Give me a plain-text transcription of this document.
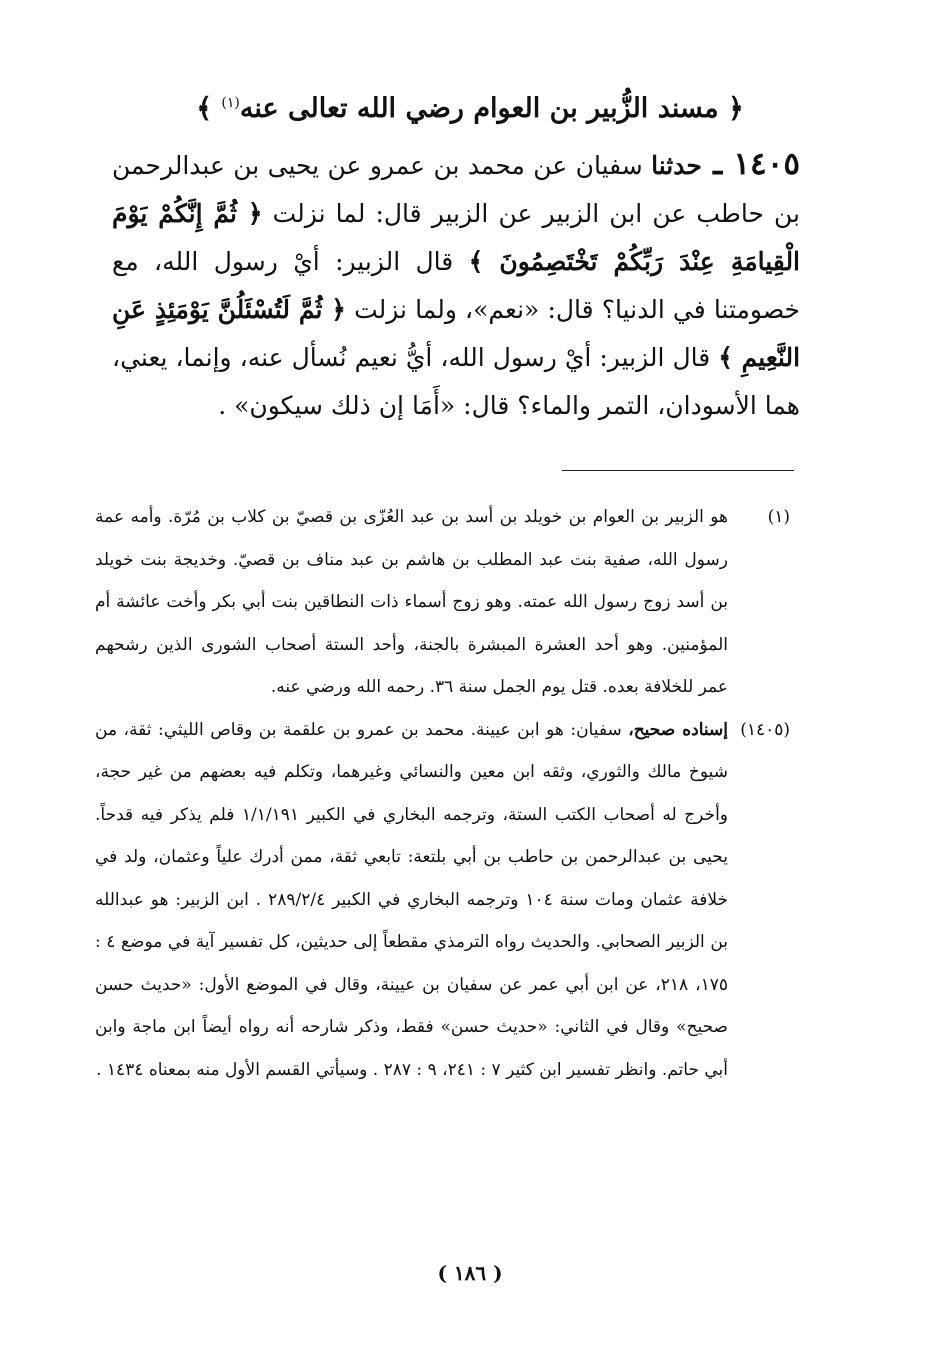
﴿ مسند الزُّبير بن العوام رضي الله تعالى عنه$^{(١)}$ ﴾
١٤٠٥ ـ حدثنا سفيان عن محمد بن عمرو عن يحيى بن عبدالرحمن بن حاطب عن ابن الزبير عن الزبير قال: لما نزلت ﴿ ثُمَّ إِنَّكُمْ يَوْمَ الْقِيامَةِ عِنْدَ رَبِّكُمْ تَخْتَصِمُونَ ﴾ قال الزبير: أيْ رسول الله، مع خصومتنا في الدنيا؟ قال: «نعم»، ولما نزلت ﴿ ثُمَّ لَتُسْئَلُنَّ يَوْمَئِذٍ عَنِ النَّعِيمِ ﴾ قال الزبير: أيْ رسول الله، أيُّ نعيم نُسأل عنه، وإنما، يعني، هما الأسودان، التمر والماء؟ قال: «أَمَا إن ذلك سيكون» .
(١)
هو الزبير بن العوام بن خويلد بن أسد بن عبد العُزّى بن قصيّ بن كلاب بن مُرّة. وأمه عمة رسول الله، صفية بنت عبد المطلب بن هاشم بن عبد مناف بن قصيّ. وخديجة بنت خويلد بن أسد زوج رسول الله عمته. وهو زوج أسماء ذات النطاقين بنت أبي بكر وأخت عائشة أم المؤمنين. وهو أحد العشرة المبشرة بالجنة، وأحد الستة أصحاب الشورى الذين رشحهم عمر للخلافة بعده. قتل يوم الجمل سنة ٣٦. رحمه الله ورضي عنه.
(١٤٠٥)
إسناده صحيح، سفيان: هو ابن عيينة. محمد بن عمرو بن علقمة بن وقاص الليثي: ثقة، من شيوخ مالك والثوري، وثقه ابن معين والنسائي وغيرهما، وتكلم فيه بعضهم من غير حجة، وأخرج له أصحاب الكتب الستة، وترجمه البخاري في الكبير ١/١/١٩١ فلم يذكر فيه قدحاً. يحيى بن عبدالرحمن بن حاطب بن أبي بلتعة: تابعي ثقة، ممن أدرك علياً وعثمان، ولد في خلافة عثمان ومات سنة ١٠٤ وترجمه البخاري في الكبير ٢٨٩/٢/٤ . ابن الزبير: هو عبدالله بن الزبير الصحابي. والحديث رواه الترمذي مقطعاً إلى حديثين، كل تفسير آية في موضع ٤ : ١٧٥، ٢١٨، عن ابن أبي عمر عن سفيان بن عيينة، وقال في الموضع الأول: «حديث حسن صحيح» وقال في الثاني: «حديث حسن» فقط، وذكر شارحه أنه رواه أيضاً ابن ماجة وابن أبي حاتم. وانظر تفسير ابن كثير ٧ : ٢٤١، ٩ : ٢٨٧ . وسيأتي القسم الأول منه بمعناه ١٤٣٤ .
( ١٨٦ )
